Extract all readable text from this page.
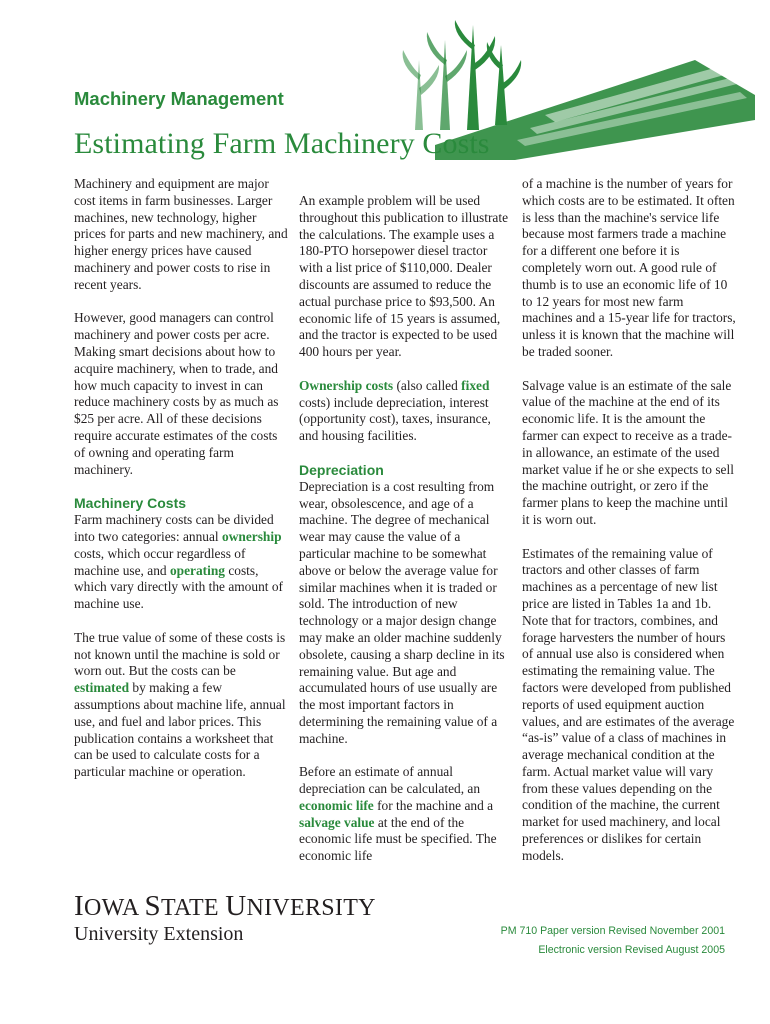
Machinery Management
Estimating Farm Machinery Costs

Machinery and equipment are major cost items in farm businesses. Larger machines, new technology, higher prices for parts and new machinery, and higher energy prices have caused machinery and power costs to rise in recent years.

However, good managers can control machinery and power costs per acre. Making smart decisions about how to acquire machinery, when to trade, and how much capacity to invest in can reduce machinery costs by as much as $25 per acre. All of these decisions require accurate estimates of the costs of owning and operating farm machinery.

Machinery Costs

Farm machinery costs can be divided into two categories: annual ownership costs, which occur regardless of machine use, and operating costs, which vary directly with the amount of machine use.

The true value of some of these costs is not known until the machine is sold or worn out. But the costs can be estimated by making a few assumptions about machine life, annual use, and fuel and labor prices. This publication contains a worksheet that can be used to calculate costs for a particular machine or operation.

An example problem will be used throughout this publication to illustrate the calculations. The example uses a 180-PTO horsepower diesel tractor with a list price of $110,000. Dealer discounts are assumed to reduce the actual purchase price to $93,500. An economic life of 15 years is assumed, and the tractor is expected to be used 400 hours per year.

Ownership costs (also called fixed costs) include depreciation, interest (opportunity cost), taxes, insurance, and housing facilities.

Depreciation

Depreciation is a cost resulting from wear, obsolescence, and age of a machine. The degree of mechanical wear may cause the value of a particular machine to be somewhat above or below the average value for similar machines when it is traded or sold. The introduction of new technology or a major design change may make an older machine suddenly obsolete, causing a sharp decline in its remaining value. But age and accumulated hours of use usually are the most important factors in determining the remaining value of a machine.

Before an estimate of annual depreciation can be calculated, an economic life for the machine and a salvage value at the end of the economic life must be specified. The economic life

of a machine is the number of years for which costs are to be estimated. It often is less than the machine's service life because most farmers trade a machine for a different one before it is completely worn out. A good rule of thumb is to use an economic life of 10 to 12 years for most new farm machines and a 15-year life for tractors, unless it is known that the machine will be traded sooner.

Salvage value is an estimate of the sale value of the machine at the end of its economic life. It is the amount the farmer can expect to receive as a trade-in allowance, an estimate of the used market value if he or she expects to sell the machine outright, or zero if the farmer plans to keep the machine until it is worn out.

Estimates of the remaining value of tractors and other classes of farm machines as a percentage of new list price are listed in Tables 1a and 1b. Note that for tractors, combines, and forage harvesters the number of hours of annual use also is considered when estimating the remaining value. The factors were developed from published reports of used equipment auction values, and are estimates of the average “as-is” value of a class of machines in average mechanical condition at the farm. Actual market value will vary from these values depending on the condition of the machine, the current market for used machinery, and local preferences or dislikes for certain models.

IOWA STATE UNIVERSITY
University Extension	PM 710 Paper version Revised November 2001
Electronic version Revised August 2005
